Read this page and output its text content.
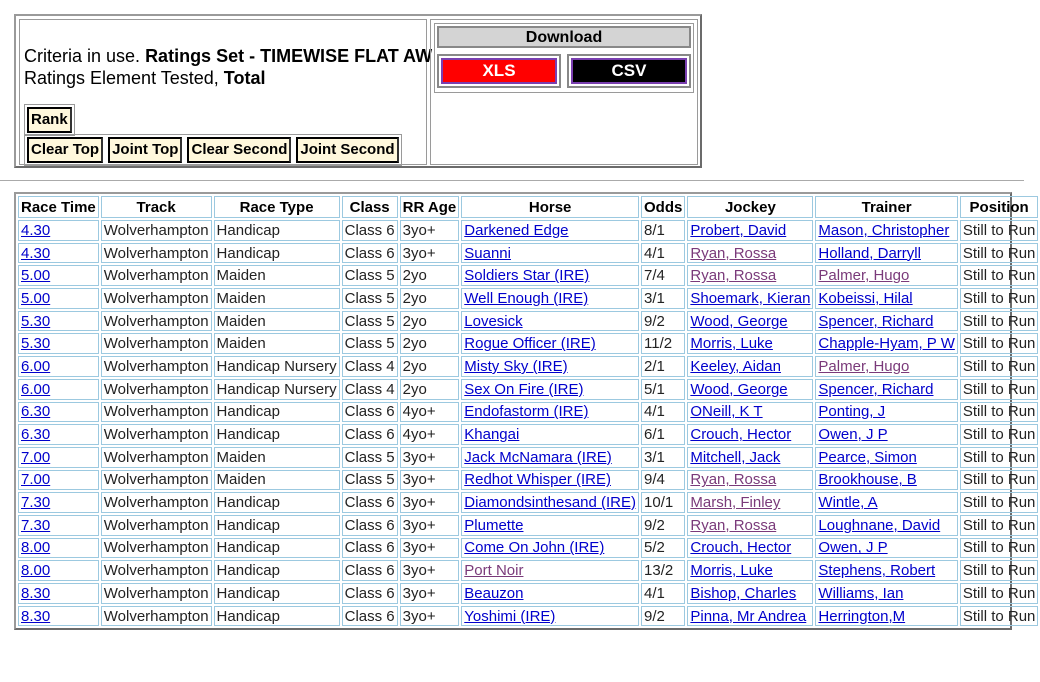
Criteria in use. Ratings Set - TIMEWISE FLAT AW
Ratings Element Tested, Total
Rank
Clear Top Joint Top Clear Second Joint Second
Download
XLS	CSV
Race Time	Track	Race Type	Class	RR Age	Horse	Odds	Jockey	Trainer	Position
4.30	Wolverhampton	Handicap	Class 6	3yo+	Darkened Edge	8/1	Probert, David	Mason, Christopher	Still to Run
4.30	Wolverhampton	Handicap	Class 6	3yo+	Suanni	4/1	Ryan, Rossa	Holland, Darryll	Still to Run
5.00	Wolverhampton	Maiden	Class 5	2yo	Soldiers Star (IRE)	7/4	Ryan, Rossa	Palmer, Hugo	Still to Run
5.00	Wolverhampton	Maiden	Class 5	2yo	Well Enough (IRE)	3/1	Shoemark, Kieran	Kobeissi, Hilal	Still to Run
5.30	Wolverhampton	Maiden	Class 5	2yo	Lovesick	9/2	Wood, George	Spencer, Richard	Still to Run
5.30	Wolverhampton	Maiden	Class 5	2yo	Rogue Officer (IRE)	11/2	Morris, Luke	Chapple-Hyam, P W	Still to Run
6.00	Wolverhampton	Handicap Nursery	Class 4	2yo	Misty Sky (IRE)	2/1	Keeley, Aidan	Palmer, Hugo	Still to Run
6.00	Wolverhampton	Handicap Nursery	Class 4	2yo	Sex On Fire (IRE)	5/1	Wood, George	Spencer, Richard	Still to Run
6.30	Wolverhampton	Handicap	Class 6	4yo+	Endofastorm (IRE)	4/1	ONeill, K T	Ponting, J	Still to Run
6.30	Wolverhampton	Handicap	Class 6	4yo+	Khangai	6/1	Crouch, Hector	Owen, J P	Still to Run
7.00	Wolverhampton	Maiden	Class 5	3yo+	Jack McNamara (IRE)	3/1	Mitchell, Jack	Pearce, Simon	Still to Run
7.00	Wolverhampton	Maiden	Class 5	3yo+	Redhot Whisper (IRE)	9/4	Ryan, Rossa	Brookhouse, B	Still to Run
7.30	Wolverhampton	Handicap	Class 6	3yo+	Diamondsinthesand (IRE)	10/1	Marsh, Finley	Wintle, A	Still to Run
7.30	Wolverhampton	Handicap	Class 6	3yo+	Plumette	9/2	Ryan, Rossa	Loughnane, David	Still to Run
8.00	Wolverhampton	Handicap	Class 6	3yo+	Come On John (IRE)	5/2	Crouch, Hector	Owen, J P	Still to Run
8.00	Wolverhampton	Handicap	Class 6	3yo+	Port Noir	13/2	Morris, Luke	Stephens, Robert	Still to Run
8.30	Wolverhampton	Handicap	Class 6	3yo+	Beauzon	4/1	Bishop, Charles	Williams, Ian	Still to Run
8.30	Wolverhampton	Handicap	Class 6	3yo+	Yoshimi (IRE)	9/2	Pinna, Mr Andrea	Herrington,M	Still to Run
